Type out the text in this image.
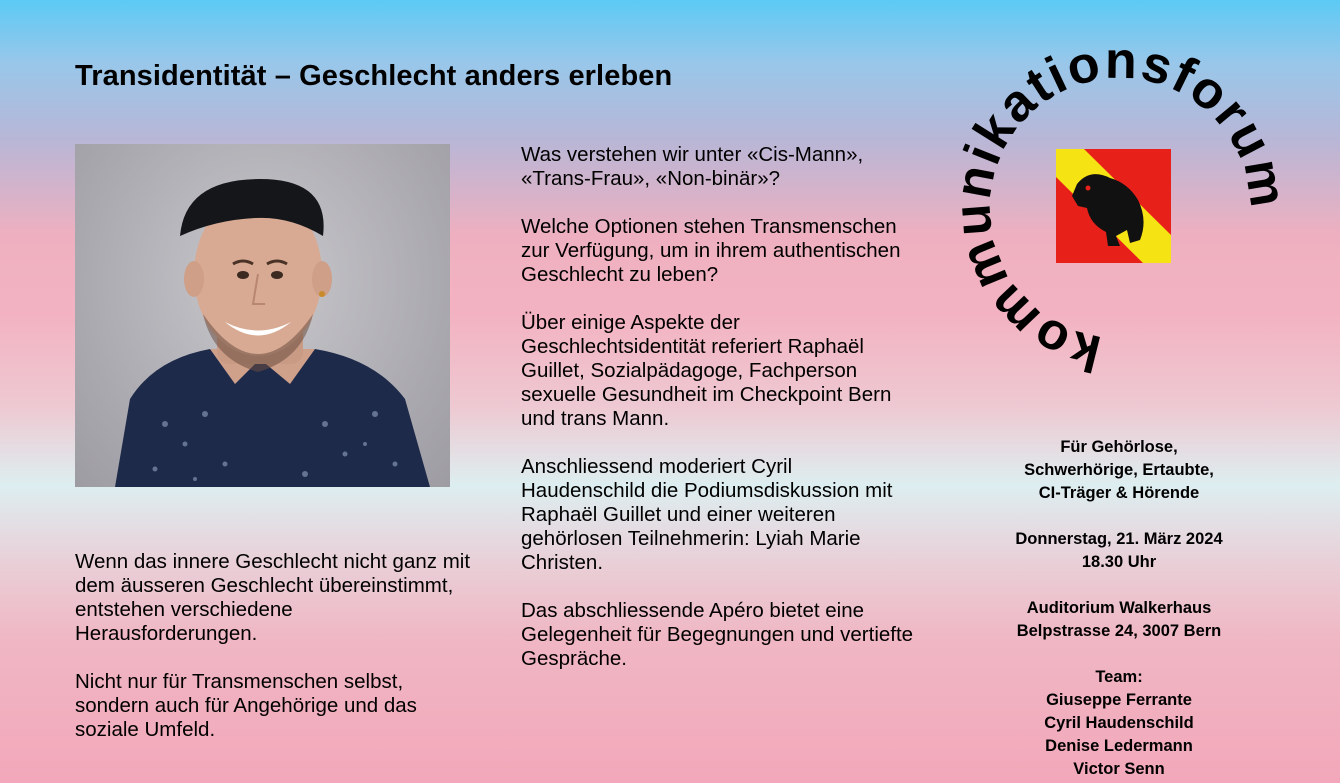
Transidentität – Geschlecht anders erleben

Wenn das innere Geschlecht nicht ganz mit dem äusseren Geschlecht übereinstimmt, entstehen verschiedene Herausforderungen.

Nicht nur für Transmenschen selbst, sondern auch für Angehörige und das soziale Umfeld.

Was verstehen wir unter «Cis-Mann», «Trans-Frau», «Non-binär»?

Welche Optionen stehen Transmenschen zur Verfügung, um in ihrem authentischen Geschlecht zu leben?

Über einige Aspekte der Geschlechtsidentität referiert Raphaël Guillet, Sozialpädagoge, Fachperson sexuelle Gesundheit im Checkpoint Bern und trans Mann.

Anschliessend moderiert Cyril Haudenschild die Podiumsdiskussion mit Raphaël Guillet und einer weiteren gehörlosen Teilnehmerin: Lyiah Marie Christen.

Das abschliessende Apéro bietet eine Gelegenheit für Begegnungen und vertiefte Gespräche.

komm nikationsforu
Für Gehörlose,
Schwerhörige, Ertaubte,
CI-Träger & Hörende
Donnerstag, 21. März 2024
18.30 Uhr
Auditorium Walkerhaus
Belpstrasse 24, 3007 Bern
Team:
Giuseppe Ferrante
Cyril Haudenschild
Denise Ledermann
Victor Senn
